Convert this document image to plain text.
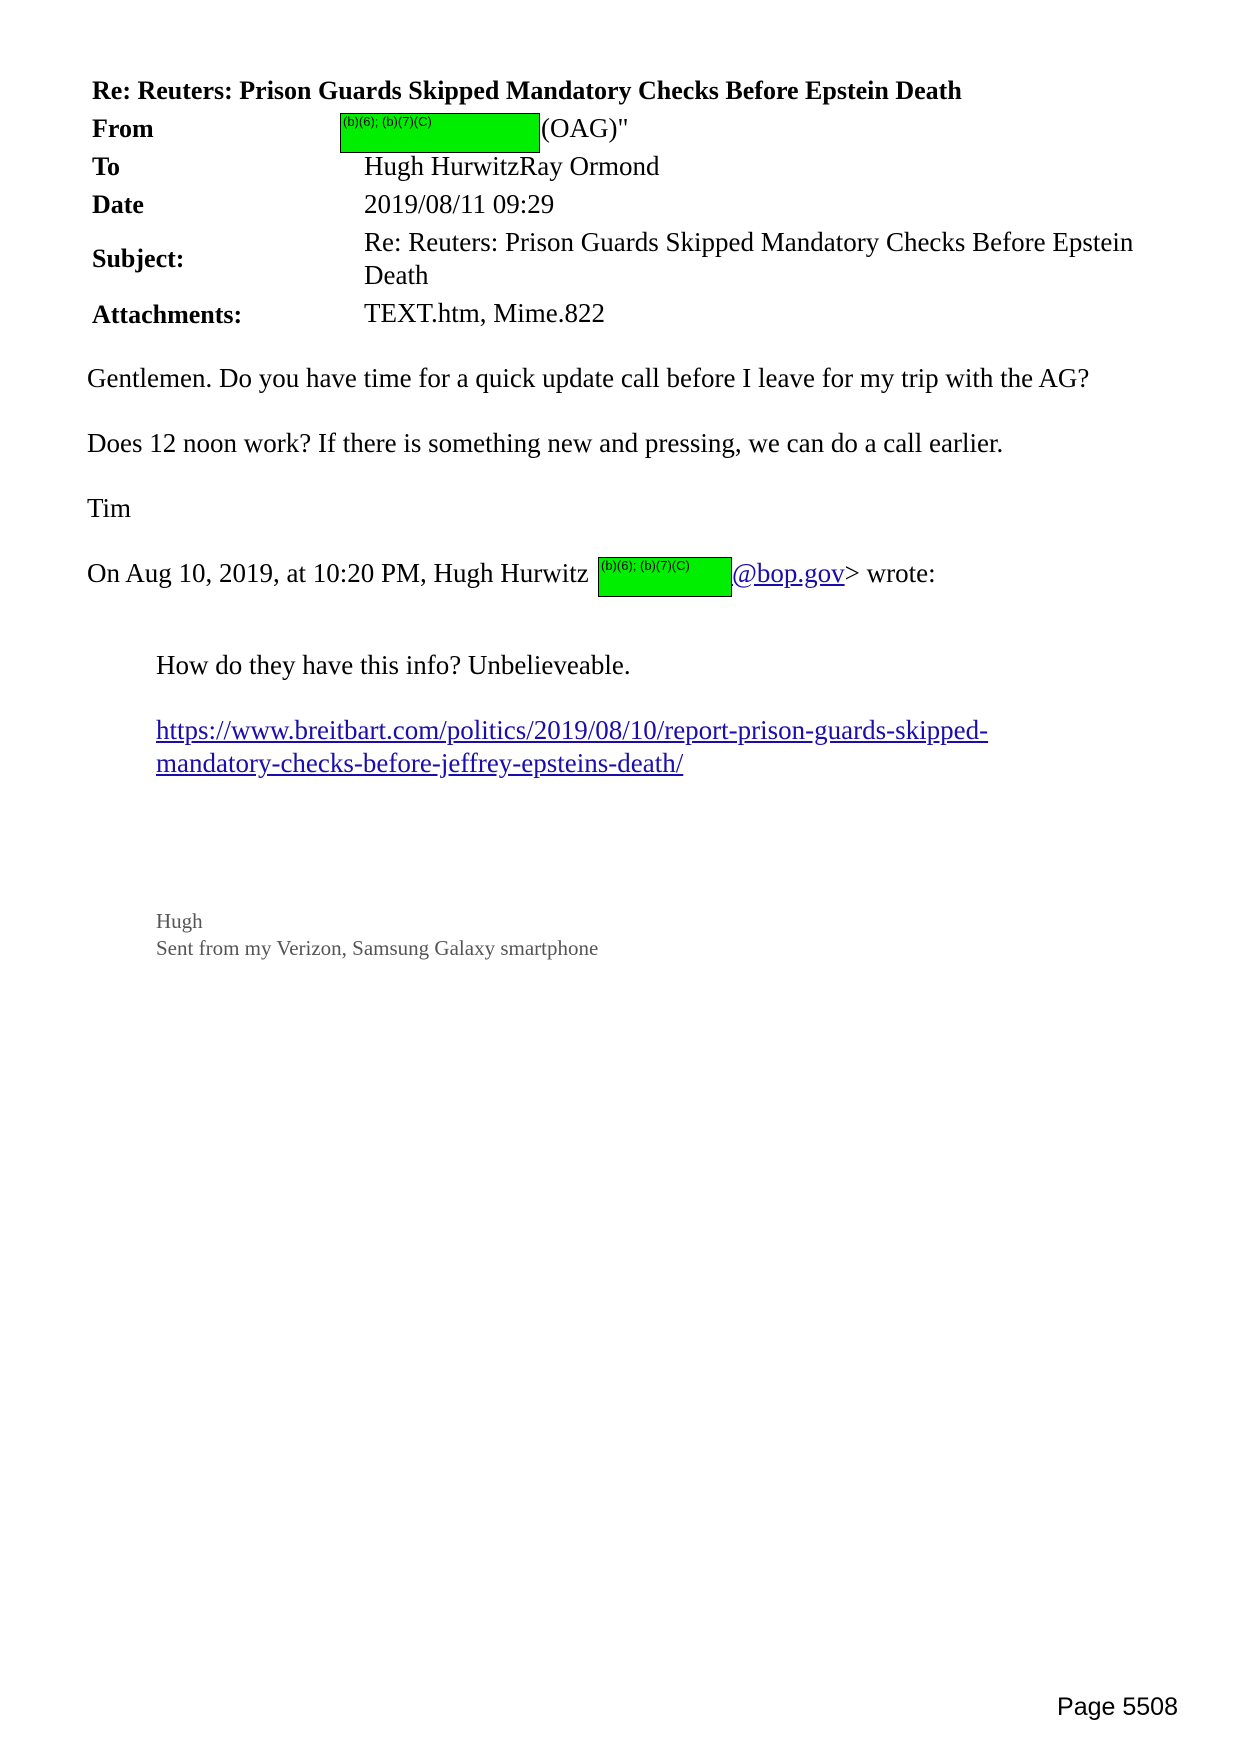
Re: Reuters: Prison Guards Skipped Mandatory Checks Before Epstein Death
From	(b)(6); (b)(7)(C)	(OAG)"
To	Hugh HurwitzRay Ormond
Date	2019/08/11 09:29
Subject:
Re: Reuters: Prison Guards Skipped Mandatory Checks Before Epstein
Death
Attachments:	TEXT.htm, Mime.822
Gentlemen. Do you have time for a quick update call before I leave for my trip with the AG?
Does 12 noon work? If there is something new and pressing, we can do a call earlier.
Tim
On Aug 10, 2019, at 10:20 PM, Hugh Hurwitz (b)(6); (b)(7)(C)	@bop.gov> wrote:
How do they have this info? Unbelieveable.
https://www.breitbart.com/politics/2019/08/10/report-prison-guards-skipped-
mandatory-checks-before-jeffrey-epsteins-death/
Hugh
Sent from my Verizon, Samsung Galaxy smartphone
Page 5508
